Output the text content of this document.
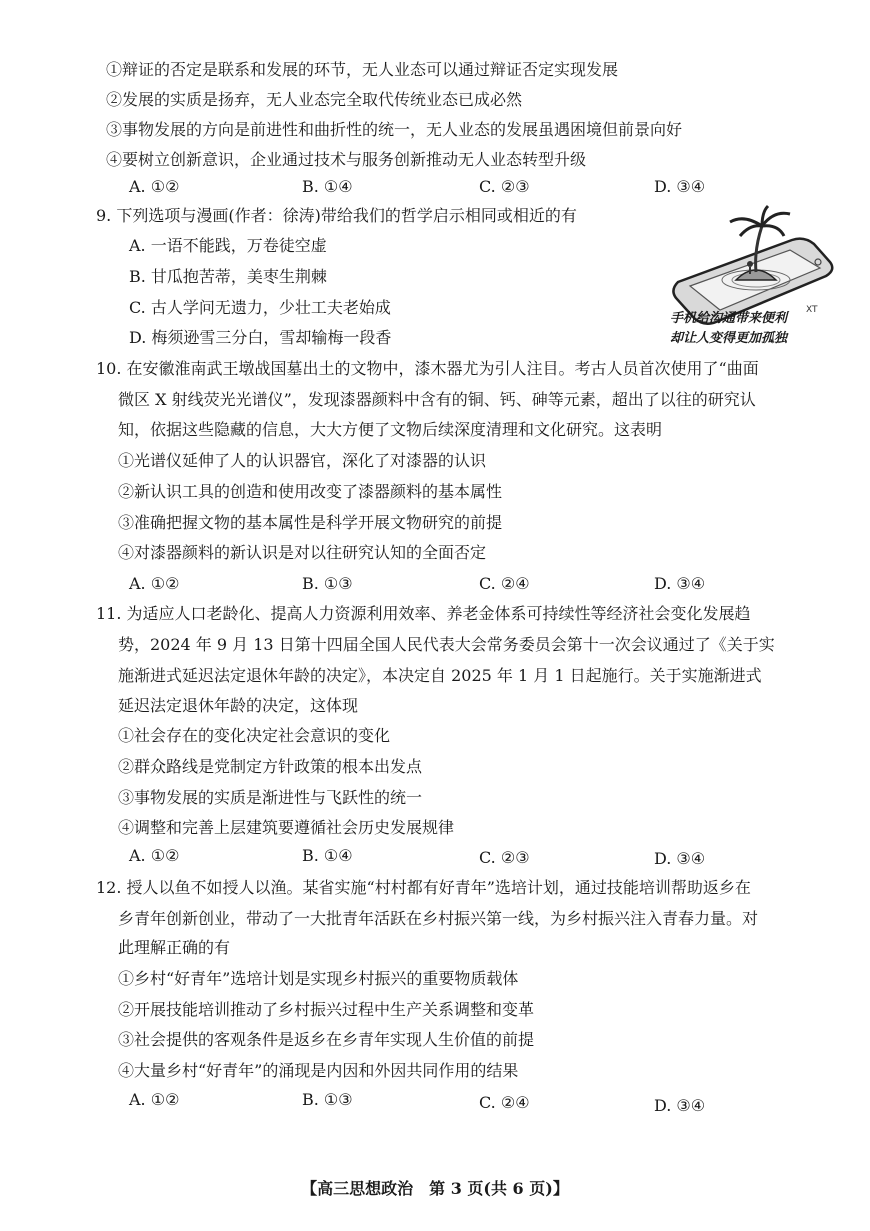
①辩证的否定是联系和发展的环节，无人业态可以通过辩证否定实现发展
②发展的实质是扬弃，无人业态完全取代传统业态已成必然
③事物发展的方向是前进性和曲折性的统一，无人业态的发展虽遇困境但前景向好
④要树立创新意识，企业通过技术与服务创新推动无人业态转型升级
A. ①②	B. ①④	C. ②③	D. ③④
9. 下列选项与漫画(作者：徐涛)带给我们的哲学启示相同或相近的有
A. 一语不能践，万卷徒空虚
B. 甘瓜抱苦蒂，美枣生荆棘
C. 古人学问无遗力，少壮工夫老始成
D. 梅须逊雪三分白，雪却输梅一段香
XT
手机给沟通带来便利
却让人变得更加孤独
10. 在安徽淮南武王墩战国墓出土的文物中，漆木器尤为引人注目。考古人员首次使用了“曲面
微区 X 射线荧光光谱仪”，发现漆器颜料中含有的铜、钙、砷等元素，超出了以往的研究认
知，依据这些隐藏的信息，大大方便了文物后续深度清理和文化研究。这表明
①光谱仪延伸了人的认识器官，深化了对漆器的认识
②新认识工具的创造和使用改变了漆器颜料的基本属性
③准确把握文物的基本属性是科学开展文物研究的前提
④对漆器颜料的新认识是对以往研究认知的全面否定
A. ①②	B. ①③	C. ②④	D. ③④
11. 为适应人口老龄化、提高人力资源利用效率、养老金体系可持续性等经济社会变化发展趋
势，2024 年 9 月 13 日第十四届全国人民代表大会常务委员会第十一次会议通过了《关于实
施渐进式延迟法定退休年龄的决定》，本决定自 2025 年 1 月 1 日起施行。关于实施渐进式
延迟法定退休年龄的决定，这体现
①社会存在的变化决定社会意识的变化
②群众路线是党制定方针政策的根本出发点
③事物发展的实质是渐进性与飞跃性的统一
④调整和完善上层建筑要遵循社会历史发展规律
A. ①②	B. ①④	C. ②③	D. ③④
12. 授人以鱼不如授人以渔。某省实施“村村都有好青年”选培计划，通过技能培训帮助返乡在
乡青年创新创业，带动了一大批青年活跃在乡村振兴第一线，为乡村振兴注入青春力量。对
此理解正确的有
①乡村“好青年”选培计划是实现乡村振兴的重要物质载体
②开展技能培训推动了乡村振兴过程中生产关系调整和变革
③社会提供的客观条件是返乡在乡青年实现人生价值的前提
④大量乡村“好青年”的涌现是内因和外因共同作用的结果
A. ①②	B. ①③	C. ②④	D. ③④
【高三思想政治　第 3 页(共 6 页)】
